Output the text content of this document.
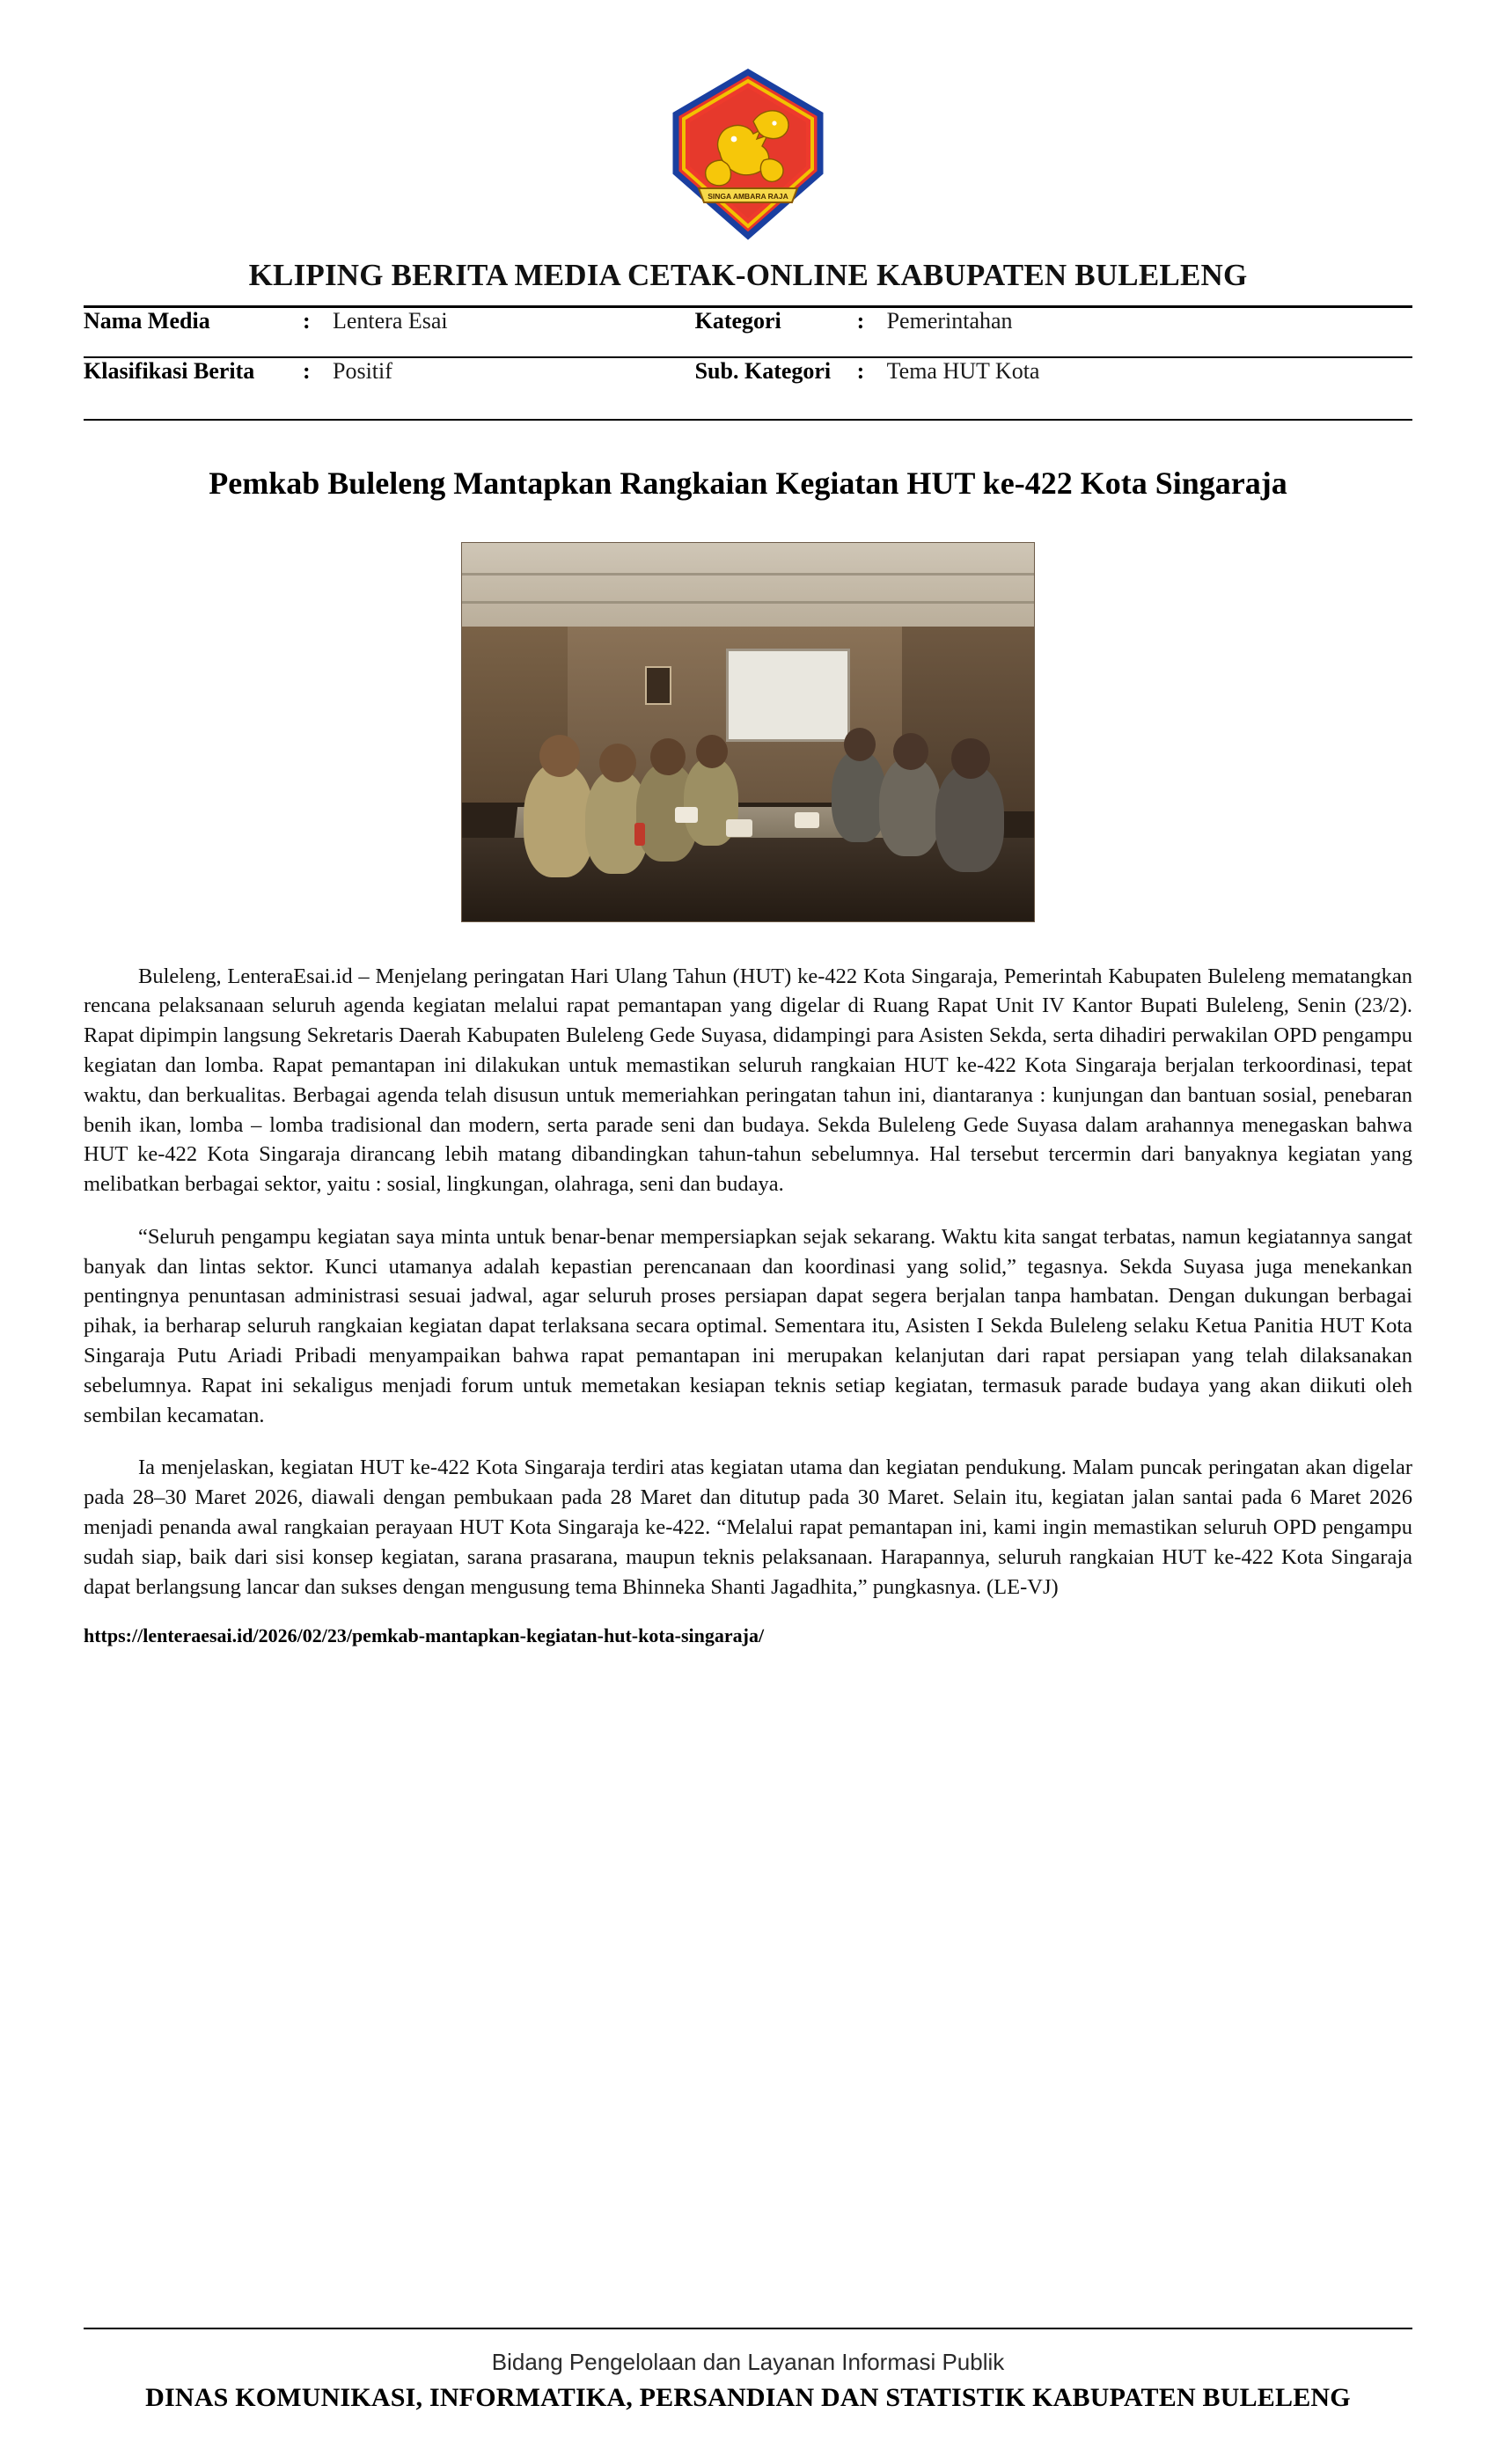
SINGA AMBARA RAJA
KLIPING BERITA MEDIA CETAK-ONLINE KABUPATEN BULELENG
Nama Media	: Lentera Esai	Kategori	: Pemerintahan
Klasifikasi Berita	: Positif	Sub. Kategori	: Tema HUT Kota
Pemkab Buleleng Mantapkan Rangkaian Kegiatan HUT ke-422 Kota Singaraja

Buleleng, LenteraEsai.id – Menjelang peringatan Hari Ulang Tahun (HUT) ke-422 Kota Singaraja, Pemerintah Kabupaten Buleleng mematangkan rencana pelaksanaan seluruh agenda kegiatan melalui rapat pemantapan yang digelar di Ruang Rapat Unit IV Kantor Bupati Buleleng, Senin (23/2). Rapat dipimpin langsung Sekretaris Daerah Kabupaten Buleleng Gede Suyasa, didampingi para Asisten Sekda, serta dihadiri perwakilan OPD pengampu kegiatan dan lomba. Rapat pemantapan ini dilakukan untuk memastikan seluruh rangkaian HUT ke-422 Kota Singaraja berjalan terkoordinasi, tepat waktu, dan berkualitas. Berbagai agenda telah disusun untuk memeriahkan peringatan tahun ini, diantaranya : kunjungan dan bantuan sosial, penebaran benih ikan, lomba – lomba tradisional dan modern, serta parade seni dan budaya. Sekda Buleleng Gede Suyasa dalam arahannya menegaskan bahwa HUT ke-422 Kota Singaraja dirancang lebih matang dibandingkan tahun-tahun sebelumnya. Hal tersebut tercermin dari banyaknya kegiatan yang melibatkan berbagai sektor, yaitu : sosial, lingkungan, olahraga, seni dan budaya.

“Seluruh pengampu kegiatan saya minta untuk benar-benar mempersiapkan sejak sekarang. Waktu kita sangat terbatas, namun kegiatannya sangat banyak dan lintas sektor. Kunci utamanya adalah kepastian perencanaan dan koordinasi yang solid,” tegasnya. Sekda Suyasa juga menekankan pentingnya penuntasan administrasi sesuai jadwal, agar seluruh proses persiapan dapat segera berjalan tanpa hambatan. Dengan dukungan berbagai pihak, ia berharap seluruh rangkaian kegiatan dapat terlaksana secara optimal. Sementara itu, Asisten I Sekda Buleleng selaku Ketua Panitia HUT Kota Singaraja Putu Ariadi Pribadi menyampaikan bahwa rapat pemantapan ini merupakan kelanjutan dari rapat persiapan yang telah dilaksanakan sebelumnya. Rapat ini sekaligus menjadi forum untuk memetakan kesiapan teknis setiap kegiatan, termasuk parade budaya yang akan diikuti oleh sembilan kecamatan.

Ia menjelaskan, kegiatan HUT ke-422 Kota Singaraja terdiri atas kegiatan utama dan kegiatan pendukung. Malam puncak peringatan akan digelar pada 28–30 Maret 2026, diawali dengan pembukaan pada 28 Maret dan ditutup pada 30 Maret. Selain itu, kegiatan jalan santai pada 6 Maret 2026 menjadi penanda awal rangkaian perayaan HUT Kota Singaraja ke-422. “Melalui rapat pemantapan ini, kami ingin memastikan seluruh OPD pengampu sudah siap, baik dari sisi konsep kegiatan, sarana prasarana, maupun teknis pelaksanaan. Harapannya, seluruh rangkaian HUT ke-422 Kota Singaraja dapat berlangsung lancar dan sukses dengan mengusung tema Bhinneka Shanti Jagadhita,” pungkasnya. (LE-VJ)

https://lenteraesai.id/2026/02/23/pemkab-mantapkan-kegiatan-hut-kota-singaraja/
Bidang Pengelolaan dan Layanan Informasi Publik
DINAS KOMUNIKASI, INFORMATIKA, PERSANDIAN DAN STATISTIK KABUPATEN BULELENG
